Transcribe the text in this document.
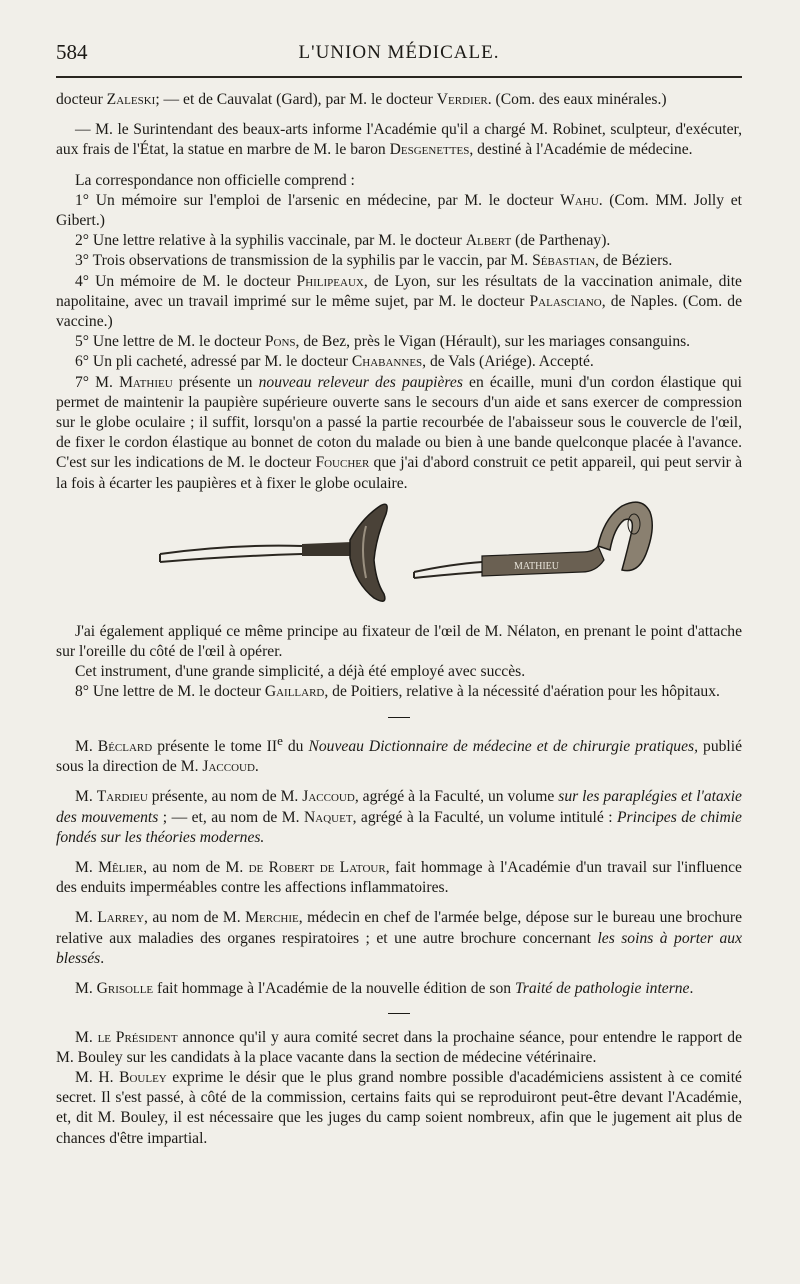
584	L'UNION MÉDICALE.

docteur Zaleski; — et de Cauvalat (Gard), par M. le docteur Verdier. (Com. des eaux minérales.)

— M. le Surintendant des beaux-arts informe l'Académie qu'il a chargé M. Robinet, sculpteur, d'exécuter, aux frais de l'État, la statue en marbre de M. le baron Desgenettes, destiné à l'Académie de médecine.

La correspondance non officielle comprend :

1° Un mémoire sur l'emploi de l'arsenic en médecine, par M. le docteur Wahu. (Com. MM. Jolly et Gibert.)

2° Une lettre relative à la syphilis vaccinale, par M. le docteur Albert (de Parthenay).

3° Trois observations de transmission de la syphilis par le vaccin, par M. Sébastian, de Béziers.

4° Un mémoire de M. le docteur Philipeaux, de Lyon, sur les résultats de la vaccination animale, dite napolitaine, avec un travail imprimé sur le même sujet, par M. le docteur Palasciano, de Naples. (Com. de vaccine.)

5° Une lettre de M. le docteur Pons, de Bez, près le Vigan (Hérault), sur les mariages consanguins.

6° Un pli cacheté, adressé par M. le docteur Chabannes, de Vals (Ariége). Accepté.

7° M. Mathieu présente un nouveau releveur des paupières en écaille, muni d'un cordon élastique qui permet de maintenir la paupière supérieure ouverte sans le secours d'un aide et sans exercer de compression sur le globe oculaire ; il suffit, lorsqu'on a passé la partie recourbée de l'abaisseur sous le couvercle de l'œil, de fixer le cordon élastique au bonnet de coton du malade ou bien à une bande quelconque placée à l'avance. C'est sur les indications de M. le docteur Foucher que j'ai d'abord construit ce petit appareil, qui peut servir à la fois à écarter les paupières et à fixer le globe oculaire.

MATHIEU

J'ai également appliqué ce même principe au fixateur de l'œil de M. Nélaton, en prenant le point d'attache sur l'oreille du côté de l'œil à opérer.

Cet instrument, d'une grande simplicité, a déjà été employé avec succès.

8° Une lettre de M. le docteur Gaillard, de Poitiers, relative à la nécessité d'aération pour les hôpitaux.

M. Béclard présente le tome IIe du Nouveau Dictionnaire de médecine et de chirurgie pratiques, publié sous la direction de M. Jaccoud.

M. Tardieu présente, au nom de M. Jaccoud, agrégé à la Faculté, un volume sur les paraplégies et l'ataxie des mouvements ; — et, au nom de M. Naquet, agrégé à la Faculté, un volume intitulé : Principes de chimie fondés sur les théories modernes.

M. Mêlier, au nom de M. de Robert de Latour, fait hommage à l'Académie d'un travail sur l'influence des enduits imperméables contre les affections inflammatoires.

M. Larrey, au nom de M. Merchie, médecin en chef de l'armée belge, dépose sur le bureau une brochure relative aux maladies des organes respiratoires ; et une autre brochure concernant les soins à porter aux blessés.

M. Grisolle fait hommage à l'Académie de la nouvelle édition de son Traité de pathologie interne.

M. le Président annonce qu'il y aura comité secret dans la prochaine séance, pour entendre le rapport de M. Bouley sur les candidats à la place vacante dans la section de médecine vétérinaire.

M. H. Bouley exprime le désir que le plus grand nombre possible d'académiciens assistent à ce comité secret. Il s'est passé, à côté de la commission, certains faits qui se reproduiront peut-être devant l'Académie, et, dit M. Bouley, il est nécessaire que les juges du camp soient nombreux, afin que le jugement ait plus de chances d'être impartial.
